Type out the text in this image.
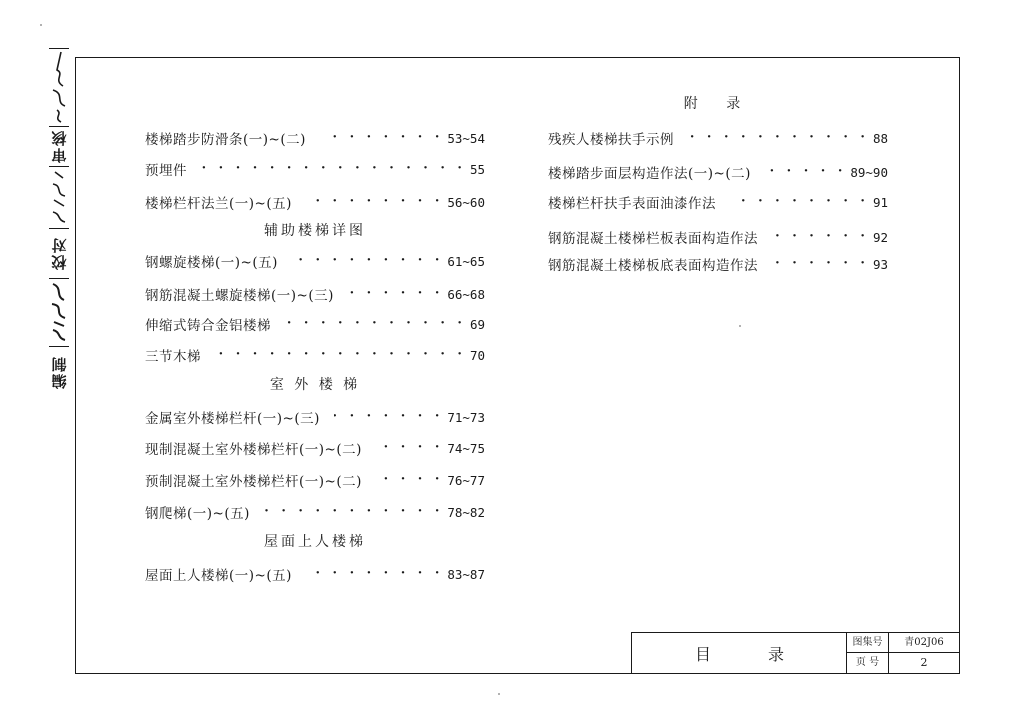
编制
校对
审核	楼梯踏步防滑条(一)~(二) · · ·	53~54
预埋件 · · ·	55
楼梯栏杆法兰(一)~(五) · · ·	56~60
辅助楼梯详图
钢螺旋楼梯(一)~(五) · · ·	61~65
钢筋混凝土螺旋楼梯(一)~(三) · · ·	66~68
伸缩式铸合金铝楼梯 · · ·	69
三节木梯 · · ·	70
室 外 楼 梯
金属室外楼梯栏杆(一)~(三) · · ·	71~73
现制混凝土室外楼梯栏杆(一)~(二) · · ·	74~75
预制混凝土室外楼梯栏杆(一)~(二) · · ·	76~77
钢爬梯(一)~(五) · · ·	78~82
屋面上人楼梯
屋面上人楼梯(一)~(五) · · ·	83~87
附 录
残疾人楼梯扶手示例 · · ·	88
楼梯踏步面层构造作法(一)~(二) · · ·	89~90
楼梯栏杆扶手表面油漆作法 · · ·	91
钢筋混凝土楼梯栏板表面构造作法 · · ·	92
钢筋混凝土楼梯板底表面构造作法 · · ·	93
目 录
图集号	青02J06
页 号	2
